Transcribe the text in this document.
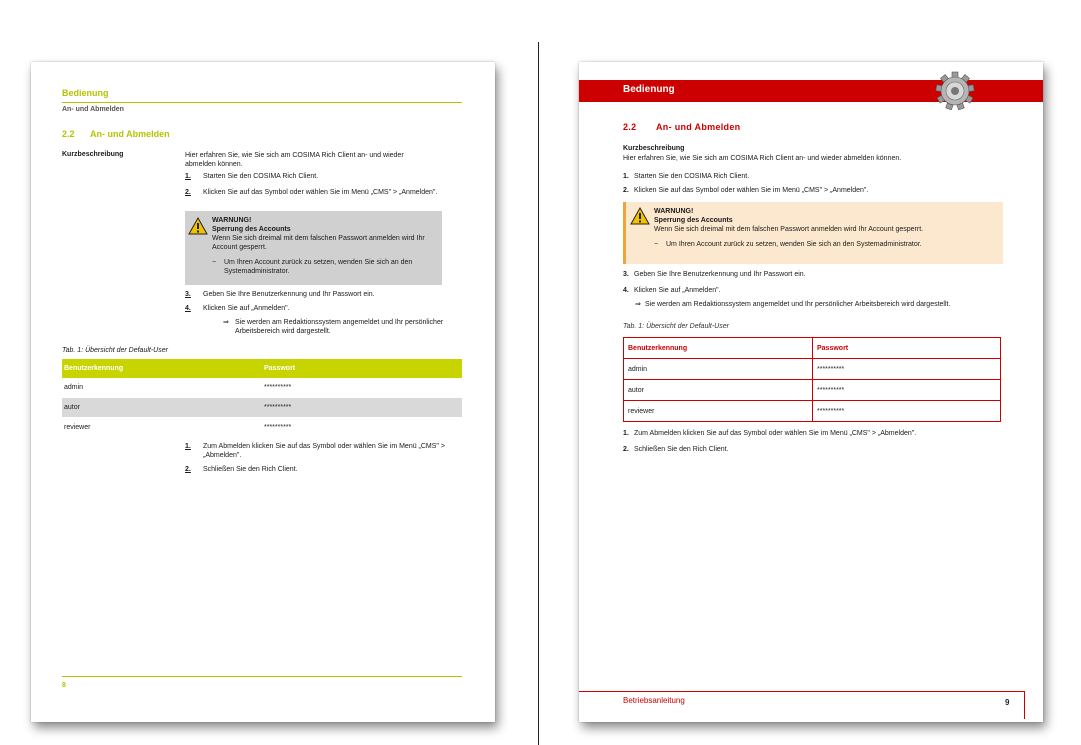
Bedienung
An- und Abmelden
2.2 An- und Abmelden
Kurzbeschreibung	Hier erfahren Sie, wie Sie sich am COSIMA Rich Client an- und wieder abmelden können.
1. Starten Sie den COSIMA Rich Client.
2. Klicken Sie auf das Symbol oder wählen Sie im Menü „CMS" > „Anmelden".
WARNUNG!
Sperrung des Accounts
Wenn Sie sich dreimal mit dem falschen Passwort anmelden wird Ihr Account gesperrt.
− Um Ihren Account zurück zu setzen, wenden Sie sich an den Systemadministrator.
3. Geben Sie Ihre Benutzerkennung und Ihr Passwort ein.
4. Klicken Sie auf „Anmelden".
⇒ Sie werden am Redaktionssystem angemeldet und Ihr persönlicher Arbeitsbereich wird dargestellt.
Tab. 1: Übersicht der Default-User
Benutzerkennung	Passwort
admin	**********
autor	**********
reviewer	**********
1. Zum Abmelden klicken Sie auf das Symbol oder wählen Sie im Menü „CMS" > „Abmelden".
2. Schließen Sie den Rich Client.
8
Bedienung
2.2 An- und Abmelden
Kurzbeschreibung
Hier erfahren Sie, wie Sie sich am COSIMA Rich Client an- und wieder abmelden können.
1. Starten Sie den COSIMA Rich Client.
2. Klicken Sie auf das Symbol oder wählen Sie im Menü „CMS" > „Anmelden".
WARNUNG!
Sperrung des Accounts
Wenn Sie sich dreimal mit dem falschen Passwort anmelden wird Ihr Account gesperrt.
− Um Ihren Account zurück zu setzen, wenden Sie sich an den Systemadministrator.
3. Geben Sie Ihre Benutzerkennung und Ihr Passwort ein.
4. Klicken Sie auf „Anmelden".
⇒ Sie werden am Redaktionssystem angemeldet und Ihr persönlicher Arbeitsbereich wird dargestellt.
Tab. 1: Übersicht der Default-User
Benutzerkennung	Passwort
admin	**********
autor	**********
reviewer	**********
1. Zum Abmelden klicken Sie auf das Symbol oder wählen Sie im Menü „CMS" > „Abmelden".
2. Schließen Sie den Rich Client.
Betriebsanleitung	9
